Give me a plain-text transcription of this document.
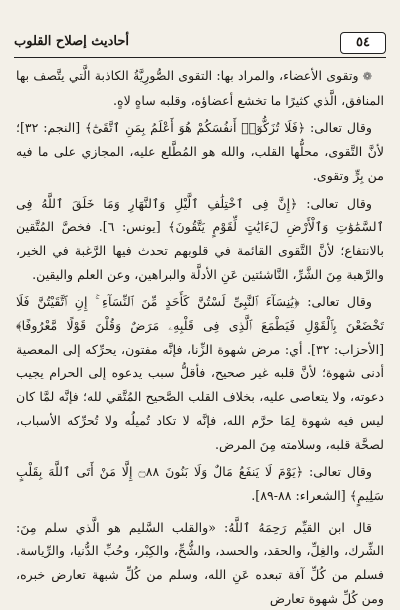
٥٤
أحاديث إصلاح القلوب

❁ وتقوى الأعضاء، والمراد بها: التقوى الصُّورِيَّةُ الكاذبة الَّتي يتَّصف بها المنافق، الَّذي كثيرًا ما تخشع أعضاؤه، وقلبه ساهٍ لاهٍ.

وقال تعالى: ﴿فَلَا تُزَكُّوٓا۟ أَنفُسَكُمْ هُوَ أَعْلَمُ بِمَنِ ٱتَّقَىٰٓ﴾ [النجم: ٣٢]؛ لأنَّ التَّقوى، محلُّها القلب، والله هو المُطَّلع عليه، المجازي على ما فيه من بِرٍّ وتقوى.

وقال تعالى: ﴿إِنَّ فِى ٱخْتِلَٰفِ ٱلَّيْلِ وَٱلنَّهَارِ وَمَا خَلَقَ ٱللَّهُ فِى ٱلسَّمَٰوَٰتِ وَٱلْأَرْضِ لَءَايَٰتٍ لِّقَوْمٍ يَتَّقُونَ﴾ [يونس: ٦]. فخصَّ المُتَّقين بالانتفاع؛ لأنَّ التَّقوى القائمة في قلوبهم تحدث فيها الرَّغبة في الخير، والرَّهبة مِنَ الشَّرِّ، النَّاشئتين عَنِ الأدلَّة والبراهين، وعن العلم واليقين.

وقال تعالى: ﴿يَٰنِسَآءَ ٱلنَّبِىِّ لَسْتُنَّ كَأَحَدٍ مِّنَ ٱلنِّسَآءِ ۚ إِنِ ٱتَّقَيْتُنَّ فَلَا تَخْضَعْنَ بِٱلْقَوْلِ فَيَطْمَعَ ٱلَّذِى فِى قَلْبِهِۦ مَرَضٌ وَقُلْنَ قَوْلًا مَّعْرُوفًا﴾ [الأحزاب: ٣٢]. أي: مرض شهوة الزِّنا، فإنَّه مفتون، يحرِّكه إلى المعصية أدنى شهوة؛ لأنَّ قلبه غير صحيح، فأقلُّ سبب يدعوه إلى الحرام يجيب دعوته، ولا يتعاصى عليه، بخلاف القلب الصَّحيح المُتَّقي لله؛ فإنَّه لمَّا كان ليس فيه شهوة لِمَا حرَّم الله، فإنَّه لا تكاد تُميلُه ولا تُحرِّكه الأسباب، لصحَّة قلبه، وسلامته مِنَ المرض.

وقال تعالى: ﴿يَوْمَ لَا يَنفَعُ مَالٌ وَلَا بَنُونَ ۝٨٨ إِلَّا مَنْ أَتَى ٱللَّهَ بِقَلْبٍ سَلِيمٍ﴾ [الشعراء: ٨٨-٨٩].

قال ابن القيِّم رَحِمَهُ ٱللَّهُ: «والقلب السَّليم هو الَّذي سلم مِنَ: الشِّرك، والغِلِّ، والحقد، والحسد، والشُّحِّ، والكِبْر، وحُبِّ الدُّنيا، والرِّياسة. فسلم من كُلِّ آفة تبعده عَنِ الله، وسلم من كُلِّ شبهة تعارض خبره، ومن كُلِّ شهوة تعارض
